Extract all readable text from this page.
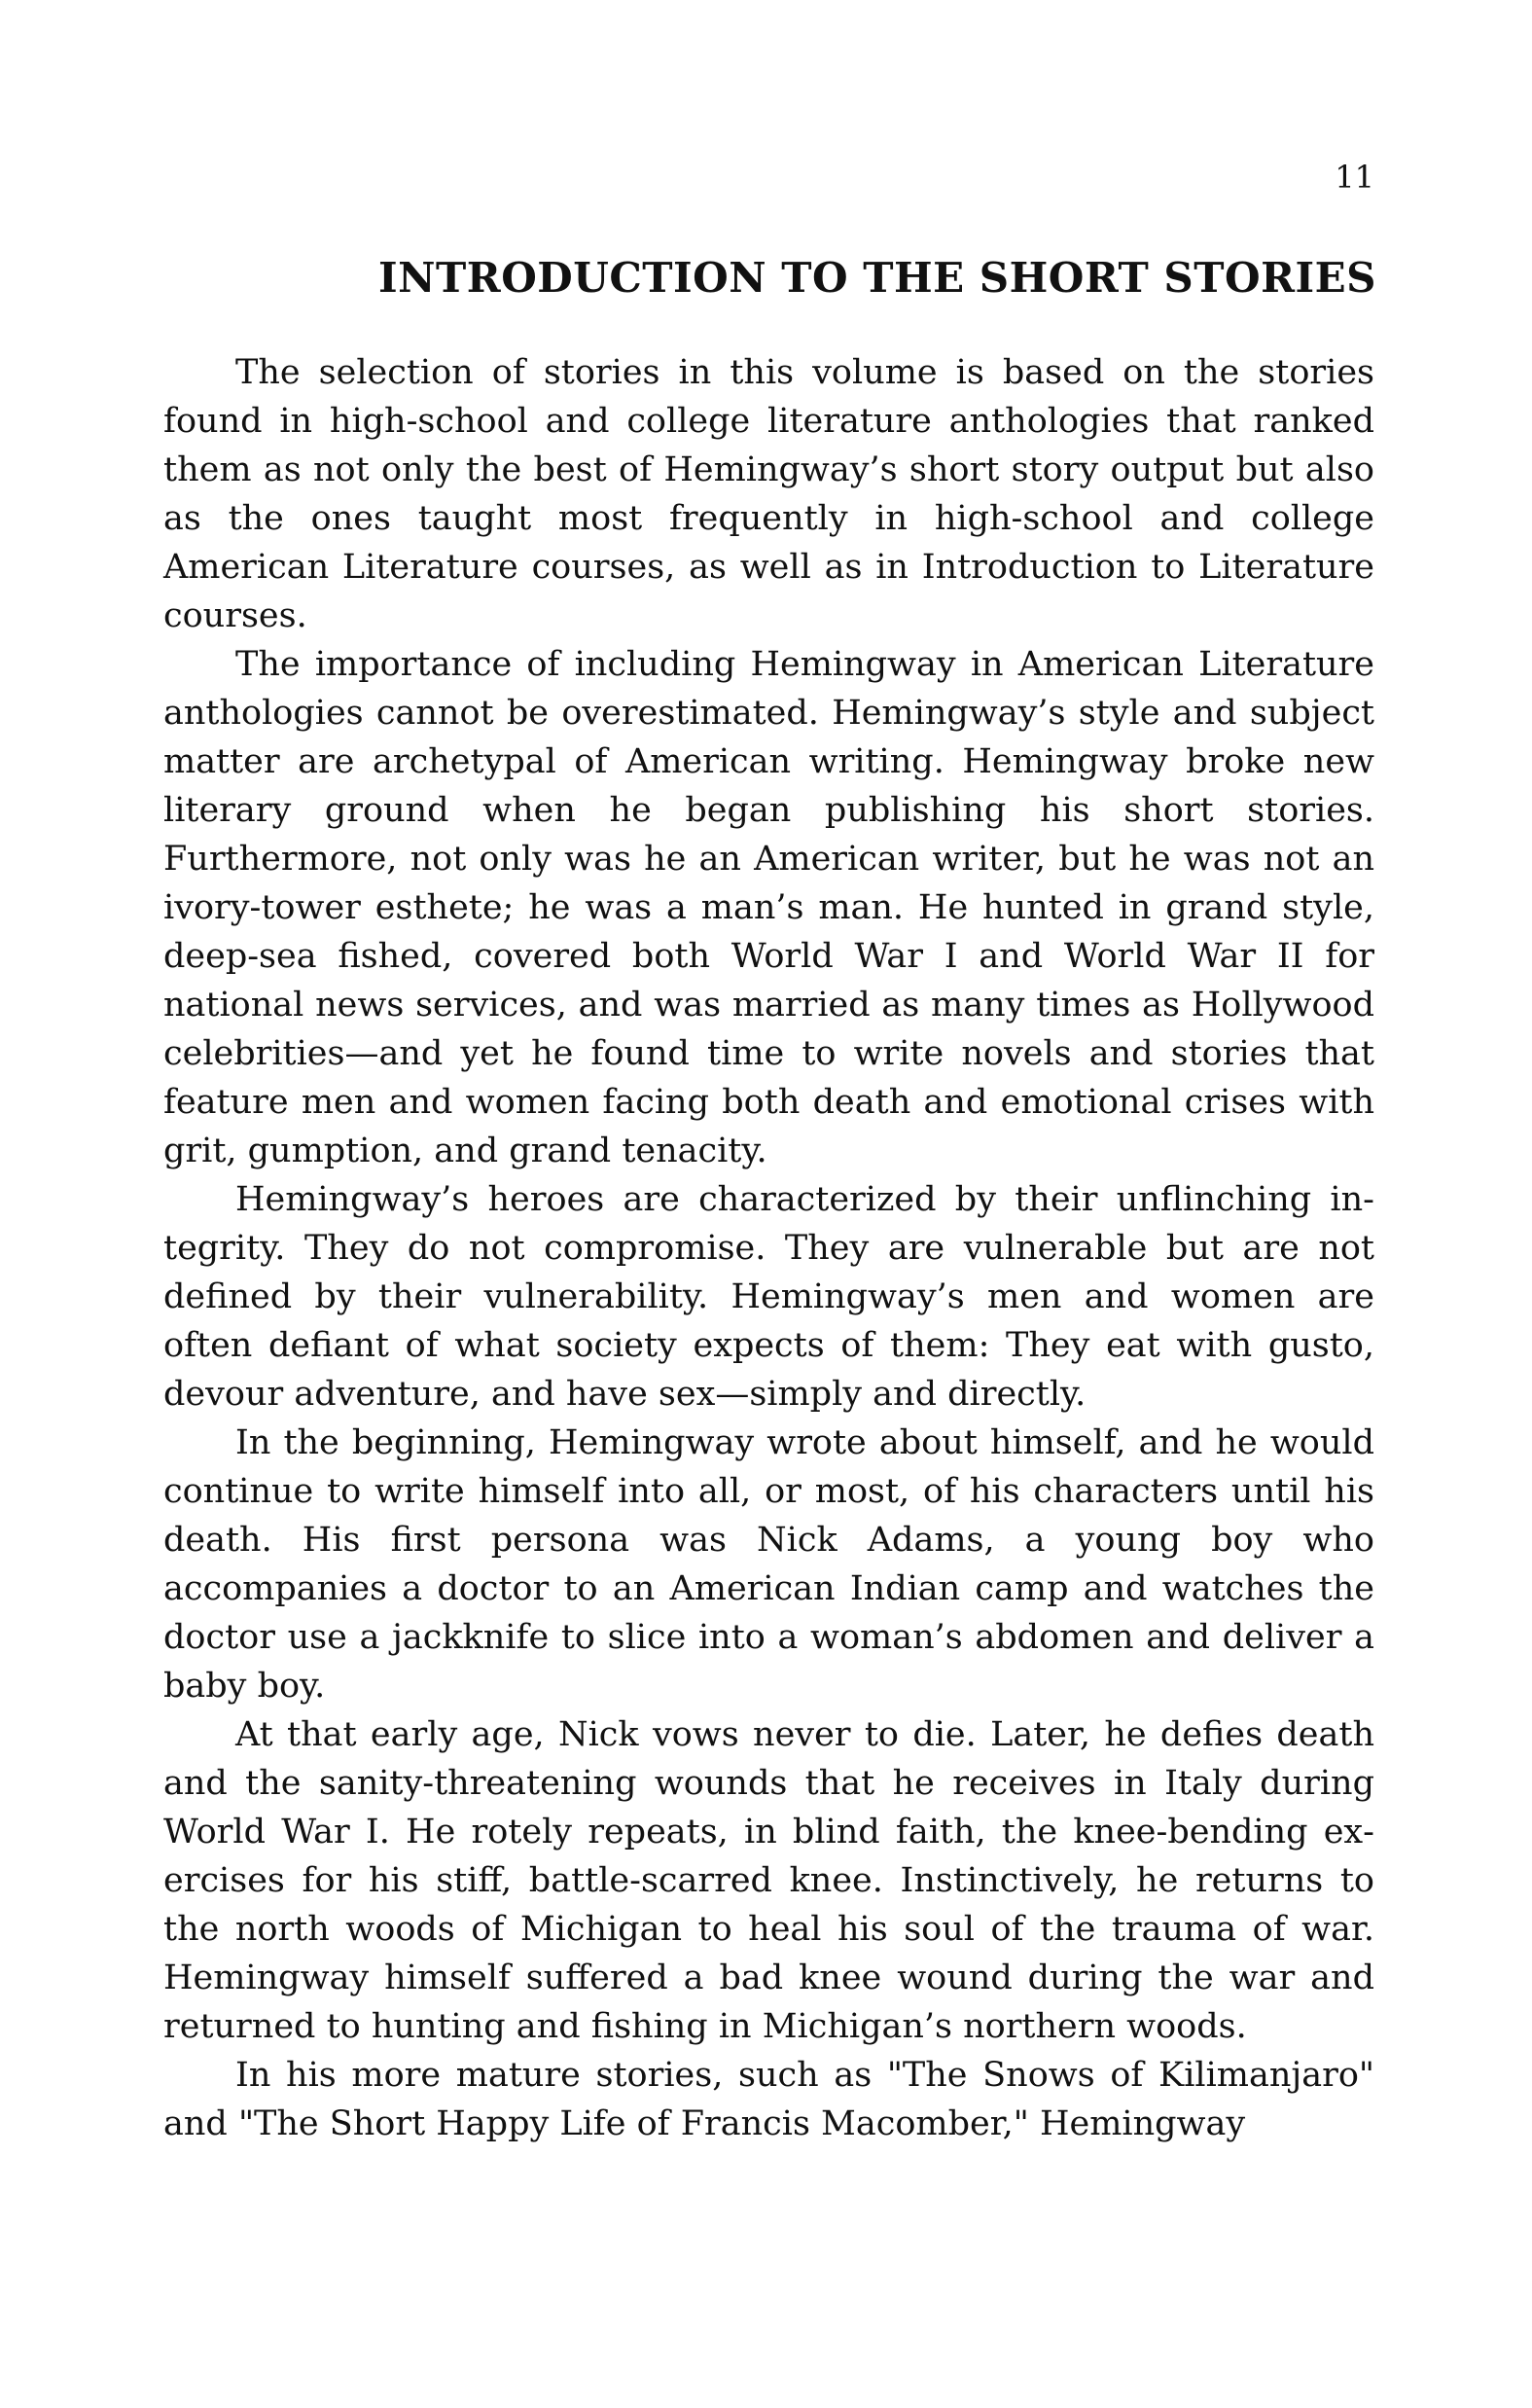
11
INTRODUCTION TO THE SHORT STORIES

The selection of stories in this volume is based on the stories found in high-school and college literature anthologies that ranked them as not only the best of Hemingway’s short story output but also as the ones taught most frequently in high-school and college American Literature courses, as well as in Introduction to Literature courses.

The importance of including Hemingway in American Literature anthologies cannot be overestimated. Hemingway’s style and subject matter are archetypal of American writing. Hemingway broke new literary ground when he began publishing his short stories. Furthermore, not only was he an American writer, but he was not an ivory-tower esthete; he was a man’s man. He hunted in grand style, deep-sea fished, covered both World War I and World War II for national news services, and was married as many times as Hollywood celebrities—and yet he found time to write novels and stories that feature men and women facing both death and emotional crises with grit, gumption, and grand tenacity.

Hemingway’s heroes are characterized by their unflinching integrity. They do not compromise. They are vulnerable but are not defined by their vulnerability. Hemingway’s men and women are often defiant of what society expects of them: They eat with gusto, devour adventure, and have sex—simply and directly.

In the beginning, Hemingway wrote about himself, and he would continue to write himself into all, or most, of his characters until his death. His first persona was Nick Adams, a young boy who accompanies a doctor to an American Indian camp and watches the doctor use a jackknife to slice into a woman’s abdomen and deliver a baby boy.

At that early age, Nick vows never to die. Later, he defies death and the sanity-threatening wounds that he receives in Italy during World War I. He rotely repeats, in blind faith, the knee-bending exercises for his stiff, battle-scarred knee. Instinctively, he returns to the north woods of Michigan to heal his soul of the trauma of war. Hemingway himself suffered a bad knee wound during the war and returned to hunting and fishing in Michigan’s northern woods.

In his more mature stories, such as "The Snows of Kilimanjaro" and "The Short Happy Life of Francis Macomber," Hemingway
